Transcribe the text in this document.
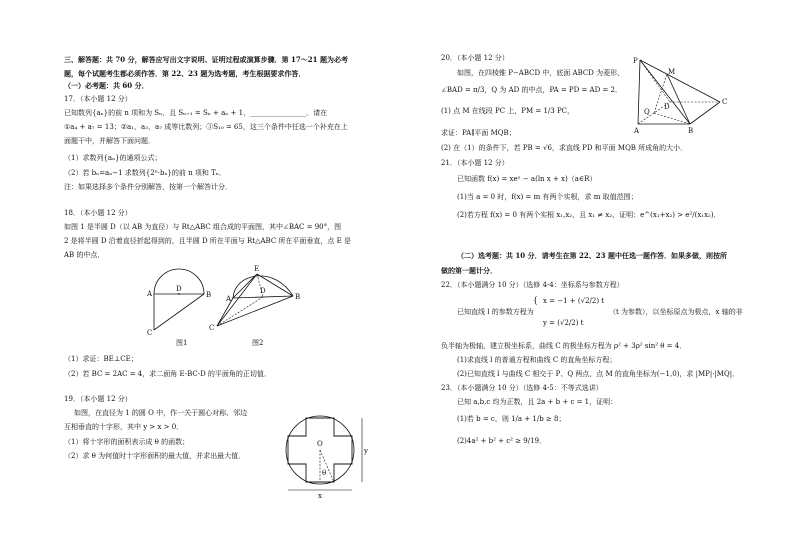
三、解答题：共 70 分，解答应写出文字说明、证明过程或演算步骤．第 17～21 题为必考
题，每个试题考生都必须作答．第 22、23 题为选考题，考生根据要求作答．
（一）必考题：共 60 分．
17．（本小题 12 分）
已知数列{aₙ}的前 n 项和为 Sₙ，且 Sₙ₊₁ = Sₙ + aₙ + 1，________________．请在
①a₄ + a₇ = 13；②a₁，a₃，a₇ 成等比数列；③S₁₀ = 65，这三个条件中任选一个补充在上
面题干中，并解答下面问题．
（1）求数列{aₙ}的通项公式；
（2）若 bₙ=aₙ−1 求数列{2ⁿ·bₙ}的前 n 项和 Tₙ．
注：如果选择多个条件分别解答，按第一个解答计分．
18．（本小题 12 分）
如图 1 是半圆 D（以 AB 为直径）与 Rt△ABC 组合成的平面图，其中∠BAC = 90°，图
2 是将半圆 D 沿着直径折起得到的，且半圆 D 所在平面与 Rt△ABC 所在平面垂直，点 E 是
AB 的中点．
A	B
C
D
图1
E
A	B
C
D
图2
（1）求证：BE⊥CE；
（2）若 BC = 2AC = 4，求二面角 E-BC-D 的平面角的正切值．
19．（本小题 12 分）
如图，在直径为 1 的圆 O 中，作一关于圆心对称、邻边
互相垂直的十字形，其中 y > x > 0．
（1）将十字形的面积表示成 θ 的函数；
（2）求 θ 为何值时十字形面积的最大值，并求出最大值．
O
θ
y
x
20．（本小题 12 分）
如图，在四棱锥 P−ABCD 中，底面 ABCD 为菱形，
∠BAD = π/3，Q 为 AD 的中点，PA = PD = AD = 2．
(1) 点 M 在线段 PC 上，PM = 1/3 PC，
求证：PA∥平面 MQB；
(2) 在（1）的条件下，若 PB = √6，求直线 PD 和平面 MQB 所成角的大小．
P
M
Q
D
A	B
C
21．（本小题 12 分）
已知函数 f(x) = xeˣ − a(ln x + x)（a∈R）
(1)当 a = 0 时，f(x) = m 有两个实根，求 m 取值范围；
(2)若方程 f(x) = 0 有两个实根 x₁,x₂，且 x₁ ≠ x₂，证明：e^(x₁+x₂) > e²/(x₁x₂)．
（二）选考题：共 10 分．请考生在第 22、23 题中任选一题作答．如果多做，则按所
做的第一题计分．
22．（本小题满分 10 分）（选修 4-4：坐标系与参数方程）
已知直线 l 的参数方程为
{ x = −1 + (√2/2) t
y = (√2/2) t
（t 为参数），以坐标原点为极点，x 轴的非
负半轴为极轴，建立极坐标系，曲线 C 的极坐标方程为 ρ² + 3ρ² sin² θ = 4．
(1)求直线 l 的普通方程和曲线 C 的直角坐标方程；
(2)已知直线 l 与曲线 C 相交于 P、Q 两点，点 M 的直角坐标为(−1,0)，求 |MP|·|MQ|．
23．（本小题满分 10 分）（选修 4-5：不等式选讲）
已知 a,b,c 均为正数，且 2a + b + c = 1，证明：
(1)若 b = c，则 1/a + 1/b ≥ 8；
(2)4a² + b² + c² ≥ 9/19．
